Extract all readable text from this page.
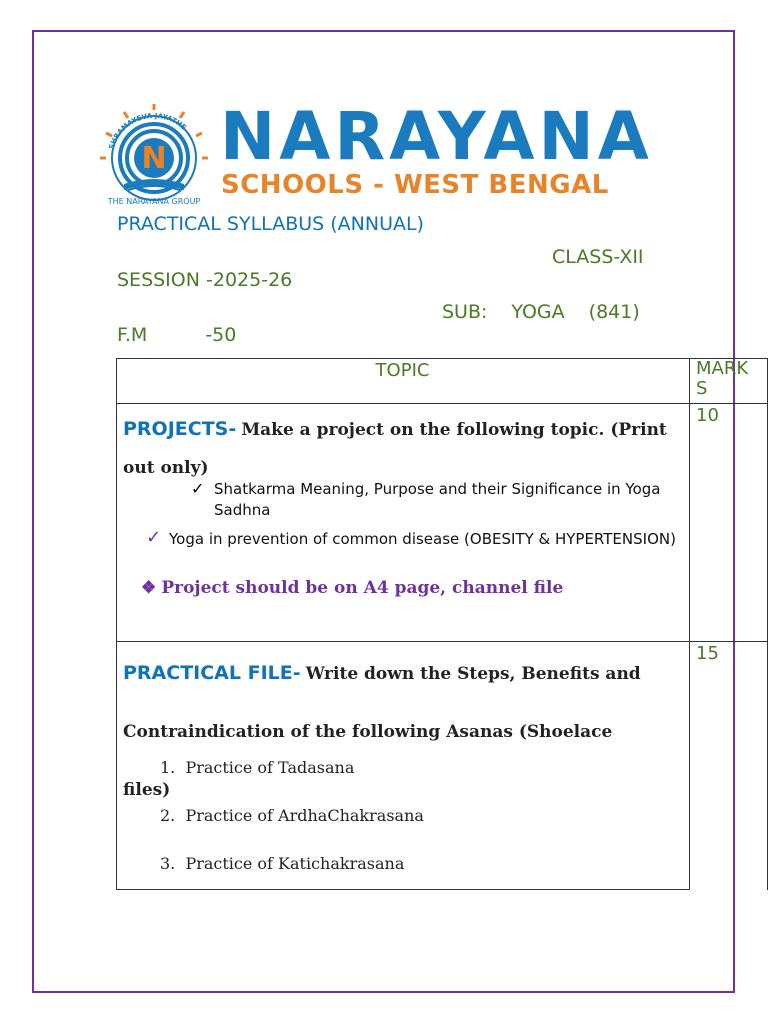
N
SHRAMAYEVA JAYATHE
THE NARAYANA GROUP
NARAYANA
SCHOOLS - WEST BENGAL
PRACTICAL SYLLABUS (ANNUAL)
CLASS-XII
SESSION -2025-26
SUB: YOGA (841)
F.M	-50
TOPIC	MARK S
PROJECTS- Make a project on the following topic. (Print out only)
✓ Shatkarma Meaning, Purpose and their Significance in Yoga Sadhna
✓ Yoga in prevention of common disease (OBESITY & HYPERTENSION)
❖ Project should be on A4 page, channel file
10
PRACTICAL FILE- Write down the Steps, Benefits and Contraindication of the following Asanas (Shoelace files)
1.  Practice of Tadasana
2.  Practice of ArdhaChakrasana
3.  Practice of Katichakrasana
15
